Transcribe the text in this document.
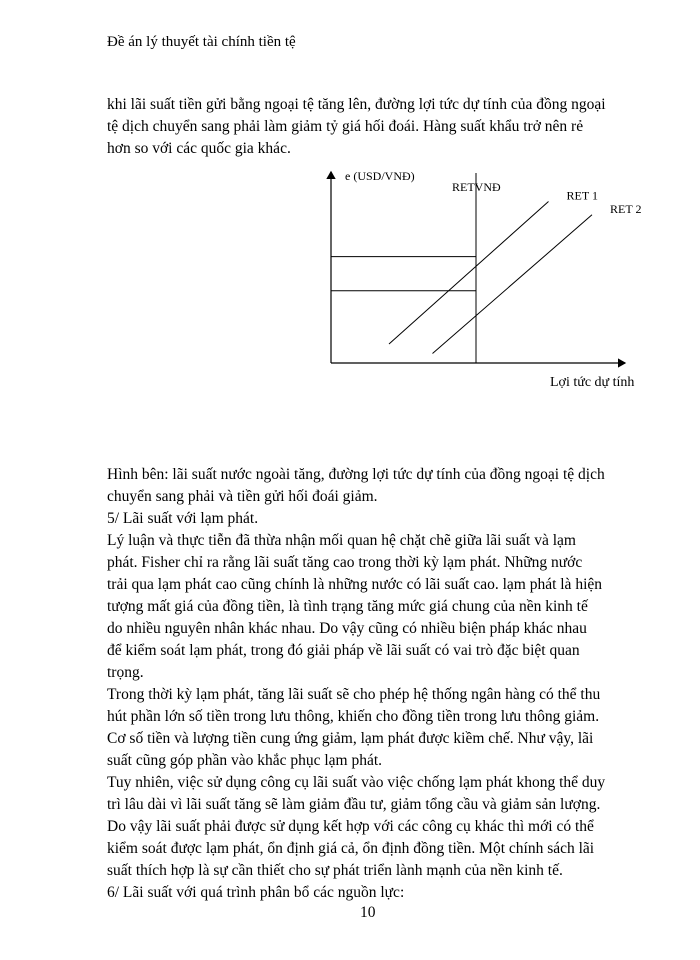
Đề án lý thuyết tài chính tiền tệ
khi lãi suất tiền gửi bằng ngoại tệ tăng lên, đường lợi tức dự tính của đồng ngoại
tệ dịch chuyển sang phải làm giảm tỷ giá hối đoái. Hàng suất khẩu trở nên rẻ
hơn so với các quốc gia khác.
e (USD/VNĐ)
Lợi tức dự tính
RETVNĐ
RET 1
RET 2
Hình bên: lãi suất nước ngoài tăng, đường lợi tức dự tính của đồng ngoại tệ dịch
chuyển sang phải và tiền gửi hối đoái giảm.
5/ Lãi suất với lạm phát.
Lý luận và thực tiễn đã thừa nhận mối quan hệ chặt chẽ giữa lãi suất và lạm
phát. Fisher chỉ ra rằng lãi suất tăng cao trong thời kỳ lạm phát. Những nước
trải qua lạm phát cao cũng chính là những nước có lãi suất cao. lạm phát là hiện
tượng mất giá của đồng tiền, là tình trạng tăng mức giá chung của nền kinh tế
do nhiều nguyên nhân khác nhau. Do vậy cũng có nhiều biện pháp khác nhau
để kiểm soát lạm phát, trong đó giải pháp về lãi suất có vai trò đặc biệt quan
trọng.
Trong thời kỳ lạm phát, tăng lãi suất sẽ cho phép hệ thống ngân hàng có thể thu
hút phần lớn số tiền trong lưu thông, khiến cho đồng tiền trong lưu thông giảm.
Cơ số tiền và lượng tiền cung ứng giảm, lạm phát được kiềm chế. Như vậy, lãi
suất cũng góp phần vào khắc phục lạm phát.
Tuy nhiên, việc sử dụng công cụ lãi suất vào việc chống lạm phát khong thể duy
trì lâu dài vì lãi suất tăng sẽ làm giảm đầu tư, giảm tổng cầu và giảm sản lượng.
Do vậy lãi suất phải được sử dụng kết hợp với các công cụ khác thì mới có thể
kiểm soát được lạm phát, ổn định giá cả, ổn định đồng tiền. Một chính sách lãi
suất thích hợp là sự cần thiết cho sự phát triển lành mạnh của nền kinh tế.
6/ Lãi suất với quá trình phân bổ các nguồn lực:
10
